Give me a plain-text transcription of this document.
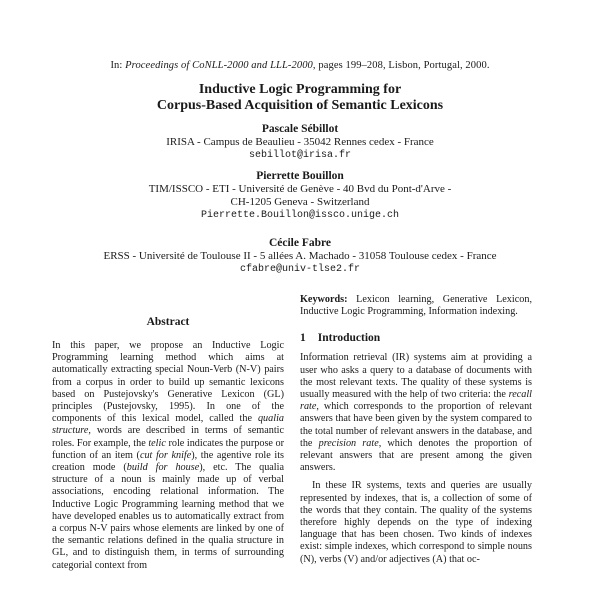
In: Proceedings of CoNLL-2000 and LLL-2000, pages 199–208, Lisbon, Portugal, 2000.
Inductive Logic Programming for
Corpus-Based Acquisition of Semantic Lexicons
Pascale Sébillot
IRISA - Campus de Beaulieu - 35042 Rennes cedex - France
sebillot@irisa.fr
Pierrette Bouillon
TIM/ISSCO - ETI - Université de Genève - 40 Bvd du Pont-d'Arve -
CH-1205 Geneva - Switzerland
Pierrette.Bouillon@issco.unige.ch
Cécile Fabre
ERSS - Université de Toulouse II - 5 allées A. Machado - 31058 Toulouse cedex - France
cfabre@univ-tlse2.fr
Abstract

In this paper, we propose an Inductive Logic Programming learning method which aims at automatically extracting special Noun-Verb (N-V) pairs from a corpus in order to build up semantic lexicons based on Pustejovsky's Generative Lexicon (GL) principles (Pustejovsky, 1995). In one of the components of this lexical model, called the qualia structure, words are described in terms of semantic roles. For example, the telic role indicates the purpose or function of an item (cut for knife), the agentive role its creation mode (build for house), etc. The qualia structure of a noun is mainly made up of verbal associations, encoding relational information. The Inductive Logic Programming learning method that we have developed enables us to automatically extract from a corpus N-V pairs whose elements are linked by one of the semantic relations defined in the qualia structure in GL, and to distinguish them, in terms of surrounding categorial context from

Keywords: Lexicon learning, Generative Lexicon, Inductive Logic Programming, Information indexing.

1 Introduction

Information retrieval (IR) systems aim at providing a user who asks a query to a database of documents with the most relevant texts. The quality of these systems is usually measured with the help of two criteria: the recall rate, which corresponds to the proportion of relevant answers that have been given by the system compared to the total number of relevant answers in the database, and the precision rate, which denotes the proportion of relevant answers that are present among the given answers.

In these IR systems, texts and queries are usually represented by indexes, that is, a collection of some of the words that they contain. The quality of the systems therefore highly depends on the type of indexing language that has been chosen. Two kinds of indexes exist: simple indexes, which correspond to simple nouns (N), verbs (V) and/or adjectives (A) that oc-
